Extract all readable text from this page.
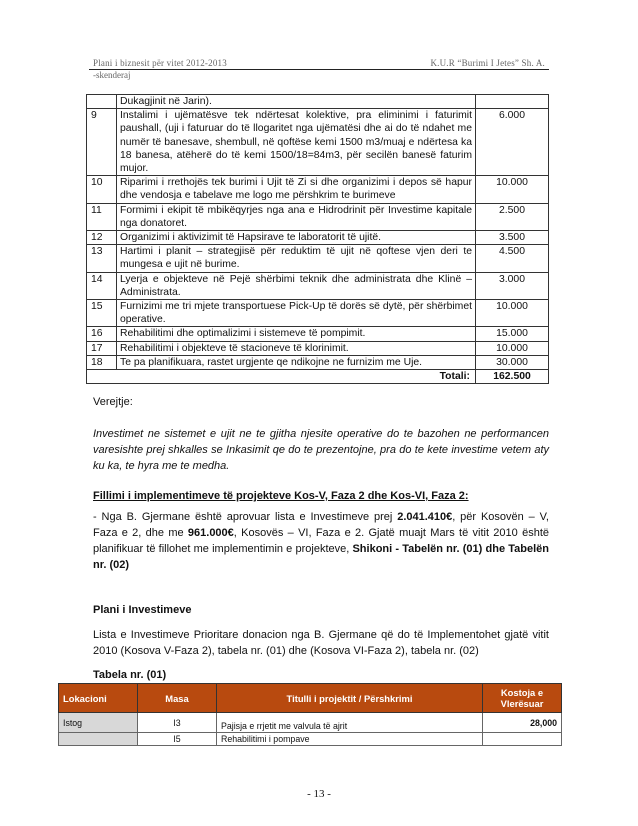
Plani i biznesit për vitet 2012-2013	K.U.R “Burimi I Jetes” Sh. A.
-skenderaj
	Dukagjinit në Jarin).	
9	Instalimi i ujëmatësve tek ndërtesat kolektive, pra eliminimi i faturimit paushall, (uji i faturuar do të llogaritet nga ujëmatësi dhe ai do të ndahet me numër të banesave, shembull, në qoftëse kemi 1500 m3/muaj e ndërtesa ka 18 banesa, atëherë do të kemi 1500/18=84m3, për secilën banesë faturim mujor.	6.000
10	Riparimi i rrethojës tek burimi i Ujit të Zi si dhe organizimi i depos së hapur dhe vendosja e tabelave me logo me përshkrim te burimeve	10.000
11	Formimi i ekipit të mbikëqyrjes nga ana e Hidrodrinit për Investime kapitale nga donatoret.	2.500
12	Organizimi i aktivizimit të Hapsirave te laboratorit të ujitë.	3.500
13	Hartimi i planit – strategjisë për reduktim të ujit në qoftese vjen deri te mungesa e ujit në burime.	4.500
14	Lyerja e objekteve në Pejë shërbimi teknik dhe administrata dhe Klinë – Administrata.	3.000
15	Furnizimi me tri mjete transportuese Pick-Up të dorës së dytë, për shërbimet operative.	10.000
16	Rehabilitimi dhe optimalizimi i sistemeve të pompimit.	15.000
17	Rehabilitimi i objekteve të stacioneve të klorinimit.	10.000
18	Te pa planifikuara, rastet urgjente qe ndikojne ne furnizim me Uje.	30.000
Totali:		162.500
Verejtje:
Investimet ne sistemet e ujit ne te gjitha njesite operative do te bazohen ne performancen varesishte prej shkalles se Inkasimit qe do te prezentojne, pra do te kete investime vetem aty ku ka, te hyra me te medha.
Fillimi i implementimeve të projekteve Kos-V, Faza 2 dhe Kos-VI, Faza 2:
- Nga B. Gjermane është aprovuar lista e Investimeve prej 2.041.410€, për Kosovën – V, Faza e 2, dhe me 961.000€, Kosovës – VI, Faza e 2. Gjatë muajt Mars të vitit 2010 është planifikuar të fillohet me implementimin e projekteve, Shikoni - Tabelën nr. (01) dhe Tabelën nr. (02)
Plani i Investimeve
Lista e Investimeve Prioritare donacion nga B. Gjermane që do të Implementohet gjatë vitit 2010 (Kosova V-Faza 2), tabela nr. (01) dhe (Kosova VI-Faza 2), tabela nr. (02)
Tabela nr. (01)
Lokacioni	Masa	Titulli i projektit / Përshkrimi	Kostoja e Vlerësuar
Istog	I3	Pajisja e rrjetit me valvula të ajrit	28,000
	I5	Rehabilitimi i pompave	
- 13 -
